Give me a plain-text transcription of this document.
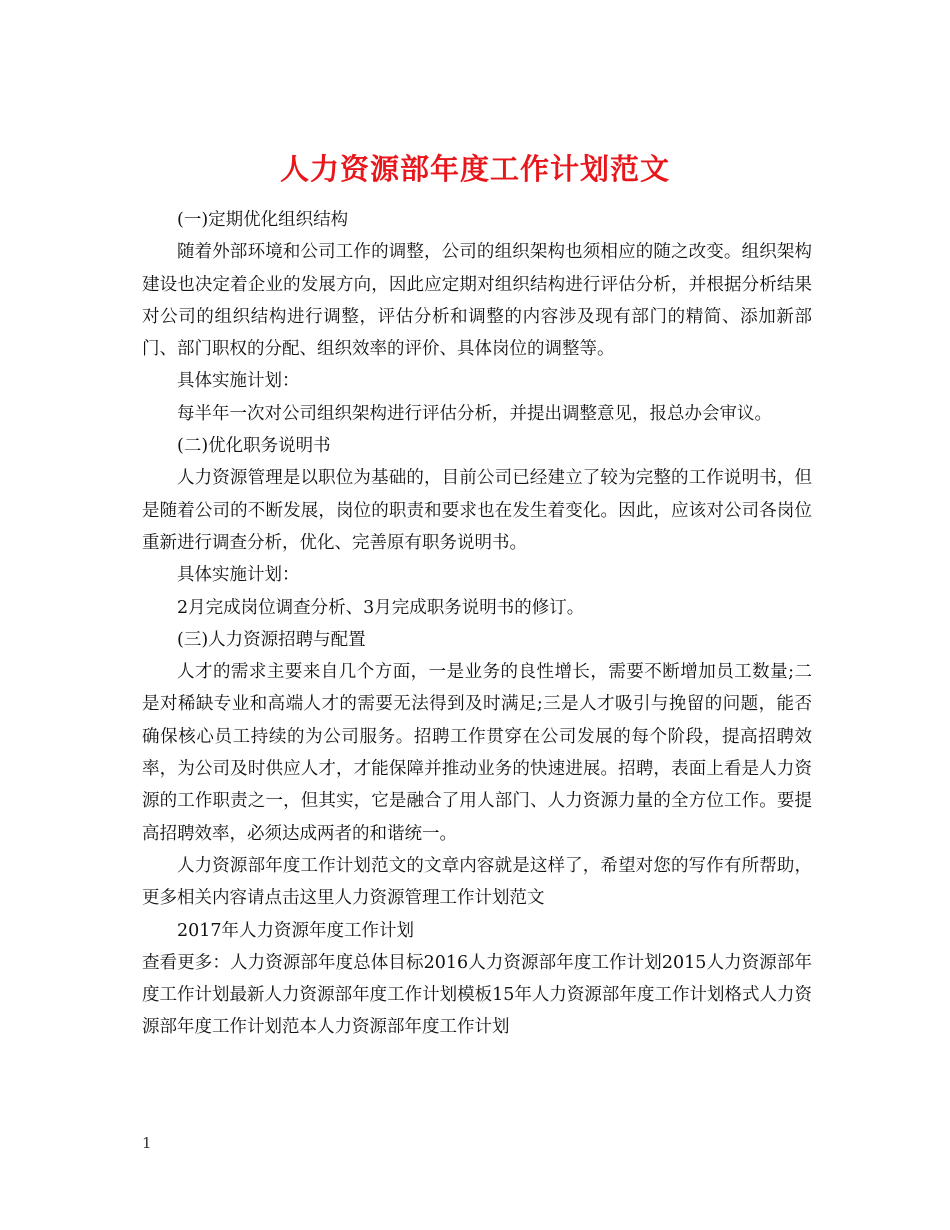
人力资源部年度工作计划范文

(一)定期优化组织结构

随着外部环境和公司工作的调整，公司的组织架构也须相应的随之改变。组织架构建设也决定着企业的发展方向，因此应定期对组织结构进行评估分析，并根据分析结果对公司的组织结构进行调整，评估分析和调整的内容涉及现有部门的精简、添加新部门、部门职权的分配、组织效率的评价、具体岗位的调整等。

具体实施计划：

每半年一次对公司组织架构进行评估分析，并提出调整意见，报总办会审议。

(二)优化职务说明书

人力资源管理是以职位为基础的，目前公司已经建立了较为完整的工作说明书，但是随着公司的不断发展，岗位的职责和要求也在发生着变化。因此，应该对公司各岗位重新进行调查分析，优化、完善原有职务说明书。

具体实施计划：

2月完成岗位调查分析、3月完成职务说明书的修订。

(三)人力资源招聘与配置

人才的需求主要来自几个方面，一是业务的良性增长，需要不断增加员工数量;二是对稀缺专业和高端人才的需要无法得到及时满足;三是人才吸引与挽留的问题，能否确保核心员工持续的为公司服务。招聘工作贯穿在公司发展的每个阶段，提高招聘效率，为公司及时供应人才，才能保障并推动业务的快速进展。招聘，表面上看是人力资源的工作职责之一，但其实，它是融合了用人部门、人力资源力量的全方位工作。要提高招聘效率，必须达成两者的和谐统一。

人力资源部年度工作计划范文的文章内容就是这样了，希望对您的写作有所帮助，更多相关内容请点击这里人力资源管理工作计划范文

2017年人力资源年度工作计划

查看更多：人力资源部年度总体目标2016人力资源部年度工作计划2015人力资源部年度工作计划最新人力资源部年度工作计划模板15年人力资源部年度工作计划格式人力资源部年度工作计划范本人力资源部年度工作计划

1
